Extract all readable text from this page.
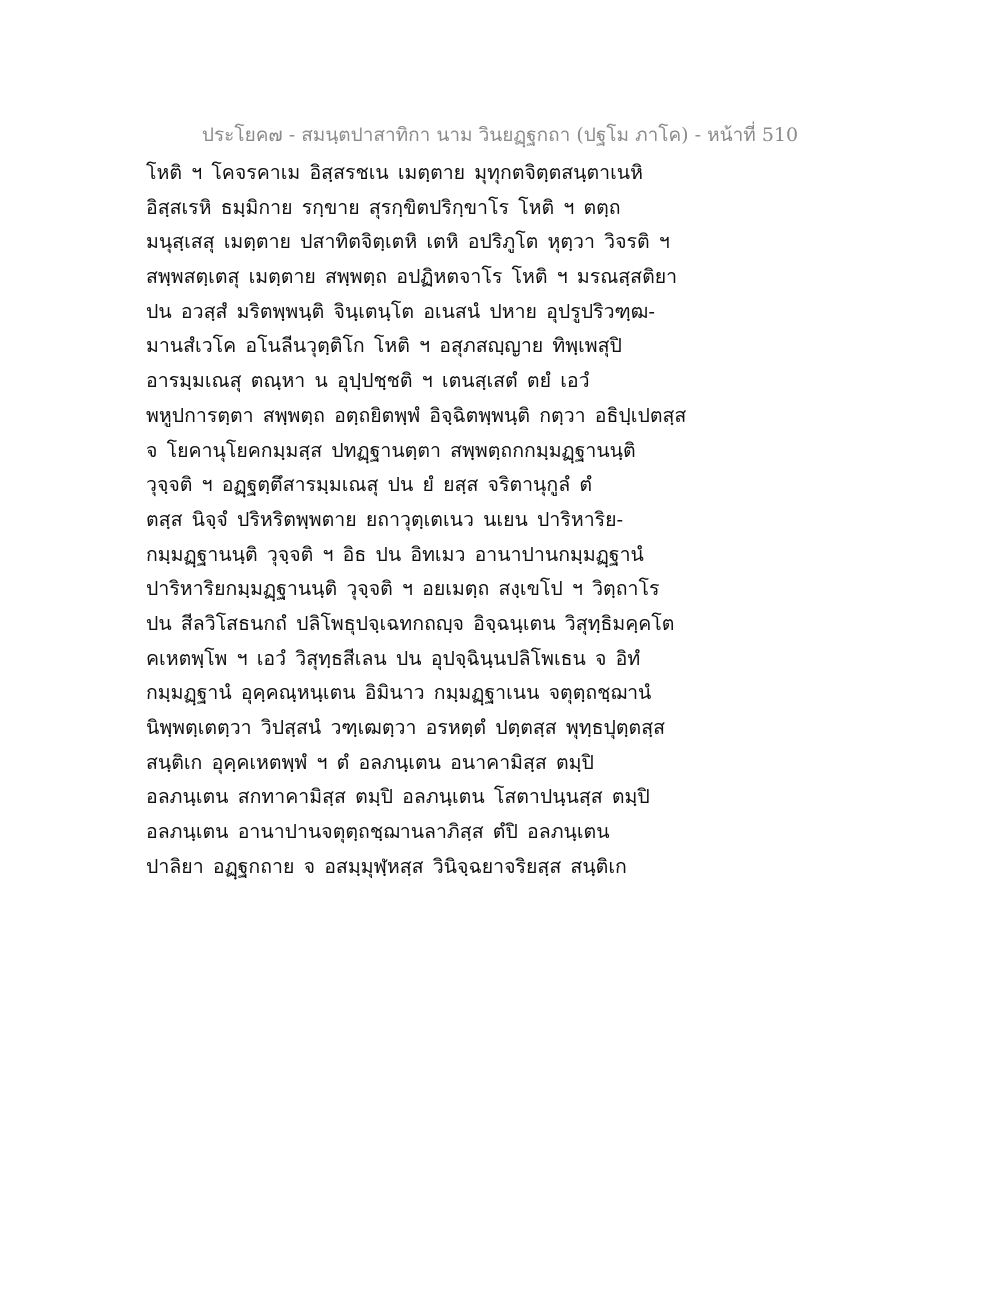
ประโยค๗ - สมนฺตปาสาทิกา นาม วินยฏฺฐกถา (ปฐโม ภาโค) - หน้าที่ 510
โหติ ฯ โคจรคาเม อิสฺสรชเน เมตฺตาย มุทุกตจิตฺตสนฺตาเนหิ
อิสฺสเรหิ ธมฺมิกาย รกฺขาย สุรกฺขิตปริกฺขาโร โหติ ฯ ตตฺถ
มนุสฺเสสุ เมตฺตาย ปสาทิตจิตฺเตหิ เตหิ อปริภูโต หุตฺวา วิจรติ ฯ
สพฺพสตฺเตสุ เมตฺตาย สพฺพตฺถ อปฏิหตจาโร โหติ ฯ มรณสฺสติยา
ปน อวสฺสํ มริตพฺพนฺติ จินฺเตนฺโต อเนสนํ ปหาย อุปรูปริวฑฺฒ-
มานสํเวโค อโนลีนวุตฺติโก โหติ ฯ อสุภสญฺญาย ทิพฺเพสุปิ
อารมฺมเณสุ ตณฺหา น อุปฺปชฺชติ ฯ เตนสฺเสตํ ตยํ เอวํ
พหูปการตฺตา สพฺพตฺถ อตฺถยิตพฺพํ อิจฺฉิตพฺพนฺติ กตฺวา อธิปฺเปตสฺส
จ โยคานุโยคกมฺมสฺส ปทฏฺฐานตฺตา สพฺพตฺถกกมฺมฏฺฐานนฺติ
วุจฺจติ ฯ อฏฺฐตฺตึสารมฺมเณสุ ปน ยํ ยสฺส จริตานุกูลํ ตํ
ตสฺส นิจฺจํ ปริหริตพฺพตาย ยถาวุตฺเตเนว นเยน ปาริหาริย-
กมฺมฏฺฐานนฺติ วุจฺจติ ฯ อิธ ปน อิทเมว อานาปานกมฺมฏฺฐานํ
ปาริหาริยกมฺมฏฺฐานนฺติ วุจฺจติ ฯ อยเมตฺถ สงฺเขโป ฯ วิตฺถาโร
ปน สีลวิโสธนกถํ ปลิโพธุปจฺเฉทกถญฺจ อิจฺฉนฺเตน วิสุทฺธิมคฺคโต
คเหตพฺโพ ฯ เอวํ วิสุทฺธสีเลน ปน อุปจฺฉินฺนปลิโพเธน จ อิทํ
กมฺมฏฺฐานํ อุคฺคณฺหนฺเตน อิมินาว กมฺมฏฺฐาเนน จตุตฺถชฺฌานํ
นิพฺพตฺเตตฺวา วิปสฺสนํ วฑฺเฒตฺวา อรหตฺตํ ปตฺตสฺส พุทฺธปุตฺตสฺส
สนฺติเก อุคฺคเหตพฺพํ ฯ ตํ อลภนฺเตน อนาคามิสฺส ตมฺปิ
อลภนฺเตน สกทาคามิสฺส ตมฺปิ อลภนฺเตน โสตาปนฺนสฺส ตมฺปิ
อลภนฺเตน อานาปานจตุตฺถชฺฌานลาภิสฺส ตํปิ อลภนฺเตน
ปาลิยา อฏฺฐกถาย จ อสมฺมุฬฺหสฺส วินิจฺฉยาจริยสฺส สนฺติเก
